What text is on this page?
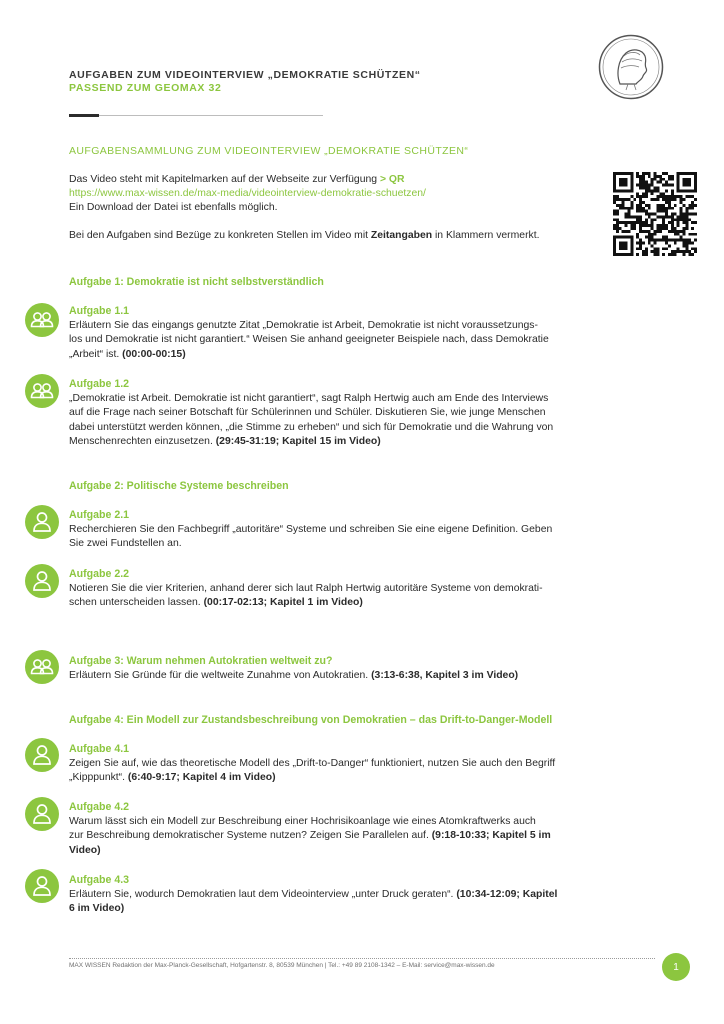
AUFGABEN ZUM VIDEOINTERVIEW „DEMOKRATIE SCHÜTZEN“
PASSEND ZUM GEOMAX 32
AUFGABENSAMMLUNG ZUM VIDEOINTERVIEW „DEMOKRATIE SCHÜTZEN“
Das Video steht mit Kapitelmarken auf der Webseite zur Verfügung > QR
https://www.max-wissen.de/max-media/videointerview-demokratie-schuetzen/
Ein Download der Datei ist ebenfalls möglich.
Bei den Aufgaben sind Bezüge zu konkreten Stellen im Video mit Zeitangaben in Klammern vermerkt.
Aufgabe 1: Demokratie ist nicht selbstverständlich
Aufgabe 1.1
Erläutern Sie das eingangs genutzte Zitat „Demokratie ist Arbeit, Demokratie ist nicht voraussetzungs-
los und Demokratie ist nicht garantiert.“ Weisen Sie anhand geeigneter Beispiele nach, dass Demokratie
„Arbeit“ ist. (00:00-00:15)
Aufgabe 1.2
„Demokratie ist Arbeit. Demokratie ist nicht garantiert“, sagt Ralph Hertwig auch am Ende des Interviews
auf die Frage nach seiner Botschaft für Schülerinnen und Schüler. Diskutieren Sie, wie junge Menschen
dabei unterstützt werden können, „die Stimme zu erheben“ und sich für Demokratie und die Wahrung von
Menschenrechten einzusetzen. (29:45-31:19; Kapitel 15 im Video)
Aufgabe 2: Politische Systeme beschreiben
Aufgabe 2.1
Recherchieren Sie den Fachbegriff „autoritäre“ Systeme und schreiben Sie eine eigene Definition. Geben
Sie zwei Fundstellen an.
Aufgabe 2.2
Notieren Sie die vier Kriterien, anhand derer sich laut Ralph Hertwig autoritäre Systeme von demokrati-
schen unterscheiden lassen. (00:17-02:13; Kapitel 1 im Video)
Aufgabe 3: Warum nehmen Autokratien weltweit zu?
Erläutern Sie Gründe für die weltweite Zunahme von Autokratien. (3:13-6:38, Kapitel 3 im Video)
Aufgabe 4: Ein Modell zur Zustandsbeschreibung von Demokratien – das Drift-to-Danger-Modell
Aufgabe 4.1
Zeigen Sie auf, wie das theoretische Modell des „Drift-to-Danger“ funktioniert, nutzen Sie auch den Begriff
„Kipppunkt“. (6:40-9:17; Kapitel 4 im Video)
Aufgabe 4.2
Warum lässt sich ein Modell zur Beschreibung einer Hochrisikoanlage wie eines Atomkraftwerks auch
zur Beschreibung demokratischer Systeme nutzen? Zeigen Sie Parallelen auf. (9:18-10:33; Kapitel 5 im
Video)
Aufgabe 4.3
Erläutern Sie, wodurch Demokratien laut dem Videointerview „unter Druck geraten“. (10:34-12:09; Kapitel
6 im Video)
MAX WISSEN Redaktion der Max-Planck-Gesellschaft, Hofgartenstr. 8, 80539 München | Tel.: +49 89 2108-1342 – E-Mail: service@max-wissen.de	1
